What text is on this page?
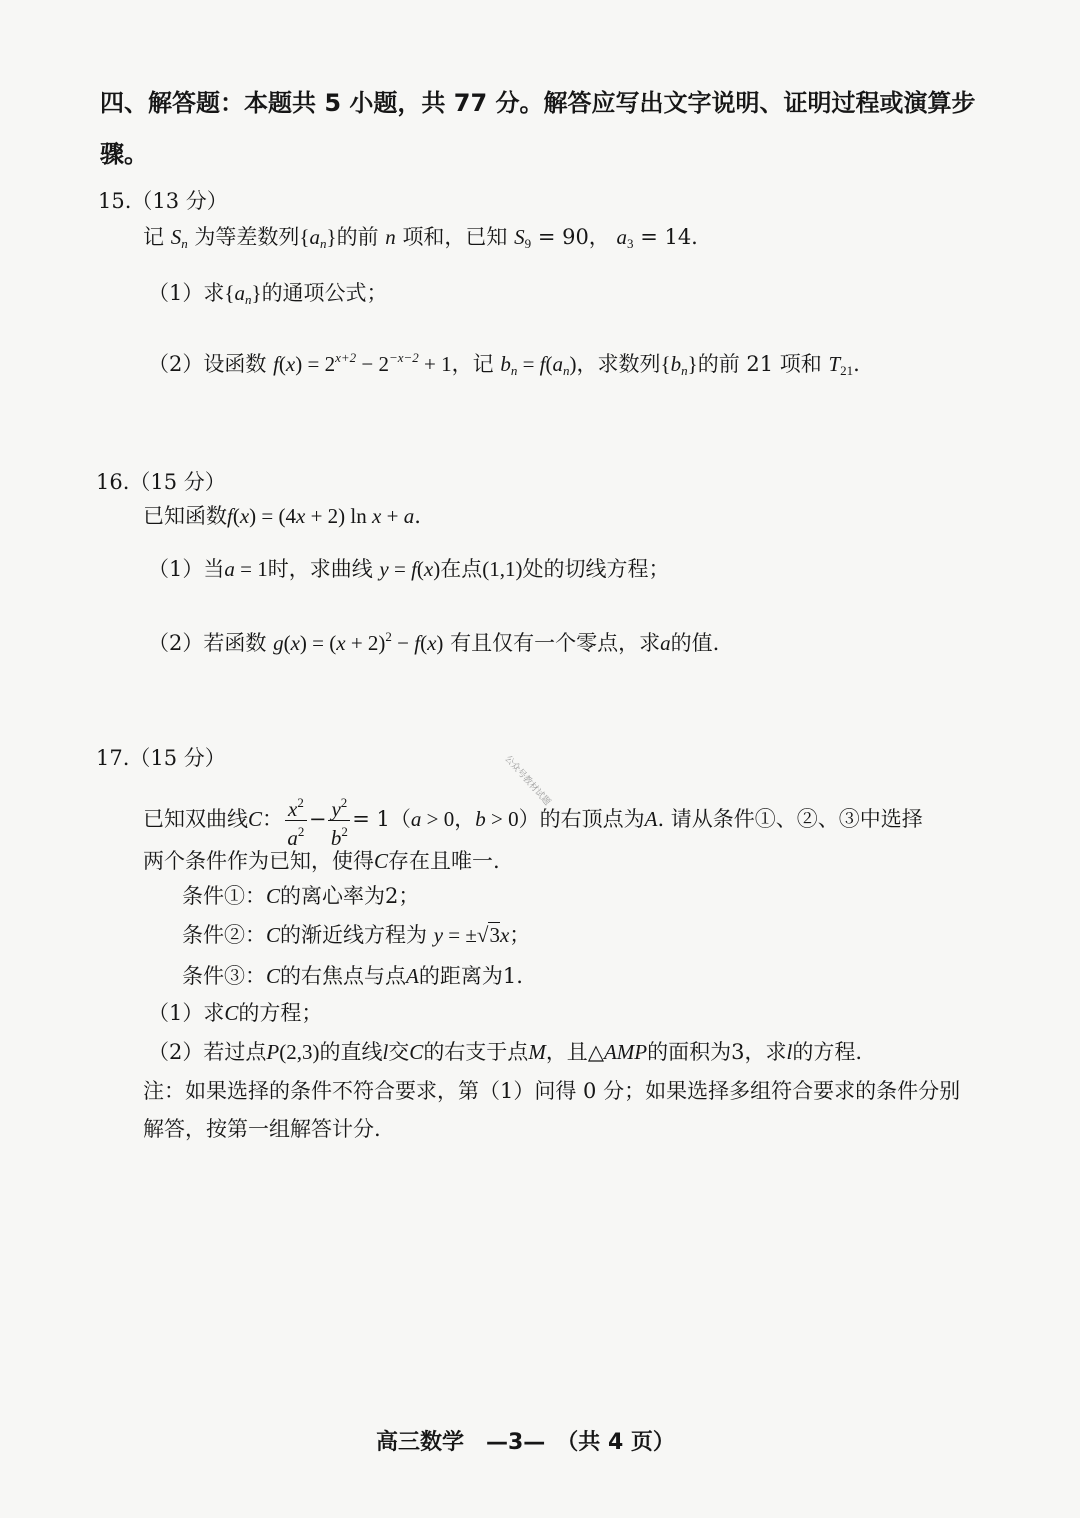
四、解答题：本题共 5 小题，共 77 分。解答应写出文字说明、证明过程或演算步
骤。
15.（13 分）
记 $S_n$ 为等差数列$\{a_n\}$的前 n 项和，已知 $S_9 = 90$， $a_3 = 14$.
（1）求$\{a_n\}$的通项公式；
（2）设函数 $f(x) = 2^{x+2} - 2^{-x-2} + 1$，记 $b_n = f(a_n)$，求数列$\{b_n\}$的前 21 项和 $T_{21}$.
16.（15 分）
已知函数f(x) = (4x + 2) ln x + a.
（1）当a = 1时，求曲线 y = f(x)在点(1,1)处的切线方程；
（2）若函数 $g(x) = (x + 2)^2 - f(x)$ 有且仅有一个零点，求a的值.
17.（15 分）
已知双曲线C： $\frac{x^2}{a^2} - \frac{y^2}{b^2} = 1(a > 0$，b > 0）的右顶点为A. 请从条件①、②、③中选择
两个条件作为已知，使得C存在且唯一.
条件①：C的离心率为2；
条件②：C的渐近线方程为 y = ±√3x；
条件③：C的右焦点与点A的距离为1.
（1）求C的方程；
（2）若过点P(2,3)的直线l交C的右支于点M，且△AMP的面积为3，求l的方程.
注：如果选择的条件不符合要求，第（1）问得 0 分；如果选择多组符合要求的条件分别
解答，按第一组解答计分.
公众号教材试题
高三数学　—3—　（共 4 页）
